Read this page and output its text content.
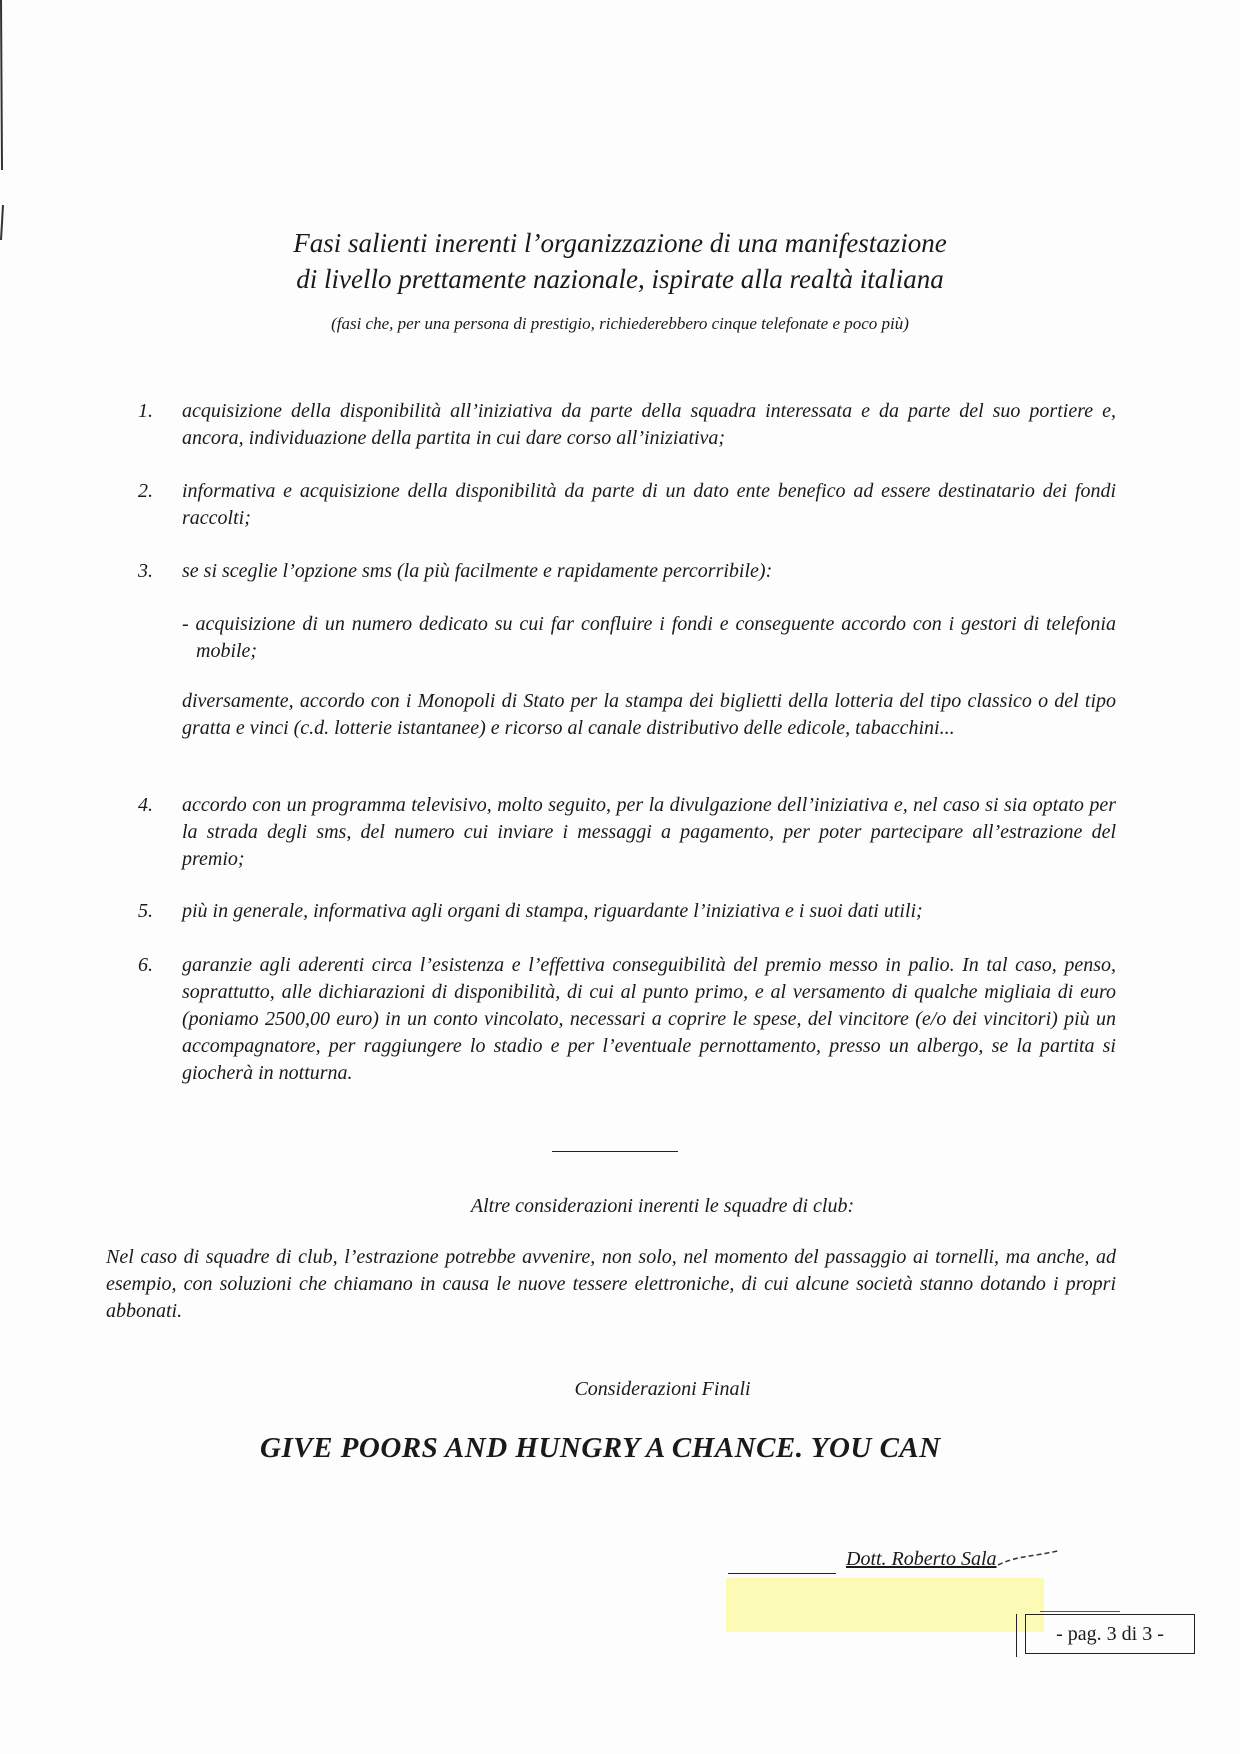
Fasi salienti inerenti l’organizzazione di una manifestazione
di livello prettamente nazionale, ispirate alla realtà italiana
(fasi che, per una persona di prestigio, richiederebbero cinque telefonate e poco più)
1.	acquisizione della disponibilità all’iniziativa da parte della squadra interessata e da parte del suo portiere e, ancora, individuazione della partita in cui dare corso all’iniziativa;
2.	informativa e acquisizione della disponibilità da parte di un dato ente benefico ad essere destinatario dei fondi raccolti;
3.	se si sceglie l’opzione sms (la più facilmente e rapidamente percorribile):
- acquisizione di un numero dedicato su cui far confluire i fondi e conseguente accordo con i gestori di telefonia mobile;
diversamente, accordo con i Monopoli di Stato per la stampa dei biglietti della lotteria del tipo classico o del tipo gratta e vinci (c.d. lotterie istantanee) e ricorso al canale distributivo delle edicole, tabacchini...
4.	accordo con un programma televisivo, molto seguito, per la divulgazione dell’iniziativa e, nel caso si sia optato per la strada degli sms, del numero cui inviare i messaggi a pagamento, per poter partecipare all’estrazione del premio;
5.	più in generale, informativa agli organi di stampa, riguardante l’iniziativa e i suoi dati utili;
6.	garanzie agli aderenti circa l’esistenza e l’effettiva conseguibilità del premio messo in palio. In tal caso, penso, soprattutto, alle dichiarazioni di disponibilità, di cui al punto primo, e al versamento di qualche migliaia di euro (poniamo 2500,00 euro) in un conto vincolato, necessari a coprire le spese, del vincitore (e/o dei vincitori) più un accompagnatore, per raggiungere lo stadio e per l’eventuale pernottamento, presso un albergo, se la partita si giocherà in notturna.
Altre considerazioni inerenti le squadre di club:
Nel caso di squadre di club, l’estrazione potrebbe avvenire, non solo, nel momento del passaggio ai tornelli, ma anche, ad esempio, con soluzioni che chiamano in causa le nuove tessere elettroniche, di cui alcune società stanno dotando i propri abbonati.
Considerazioni Finali
GIVE POORS AND HUNGRY A CHANCE. YOU CAN
Dott. Roberto Sala
- pag. 3 di 3 -
